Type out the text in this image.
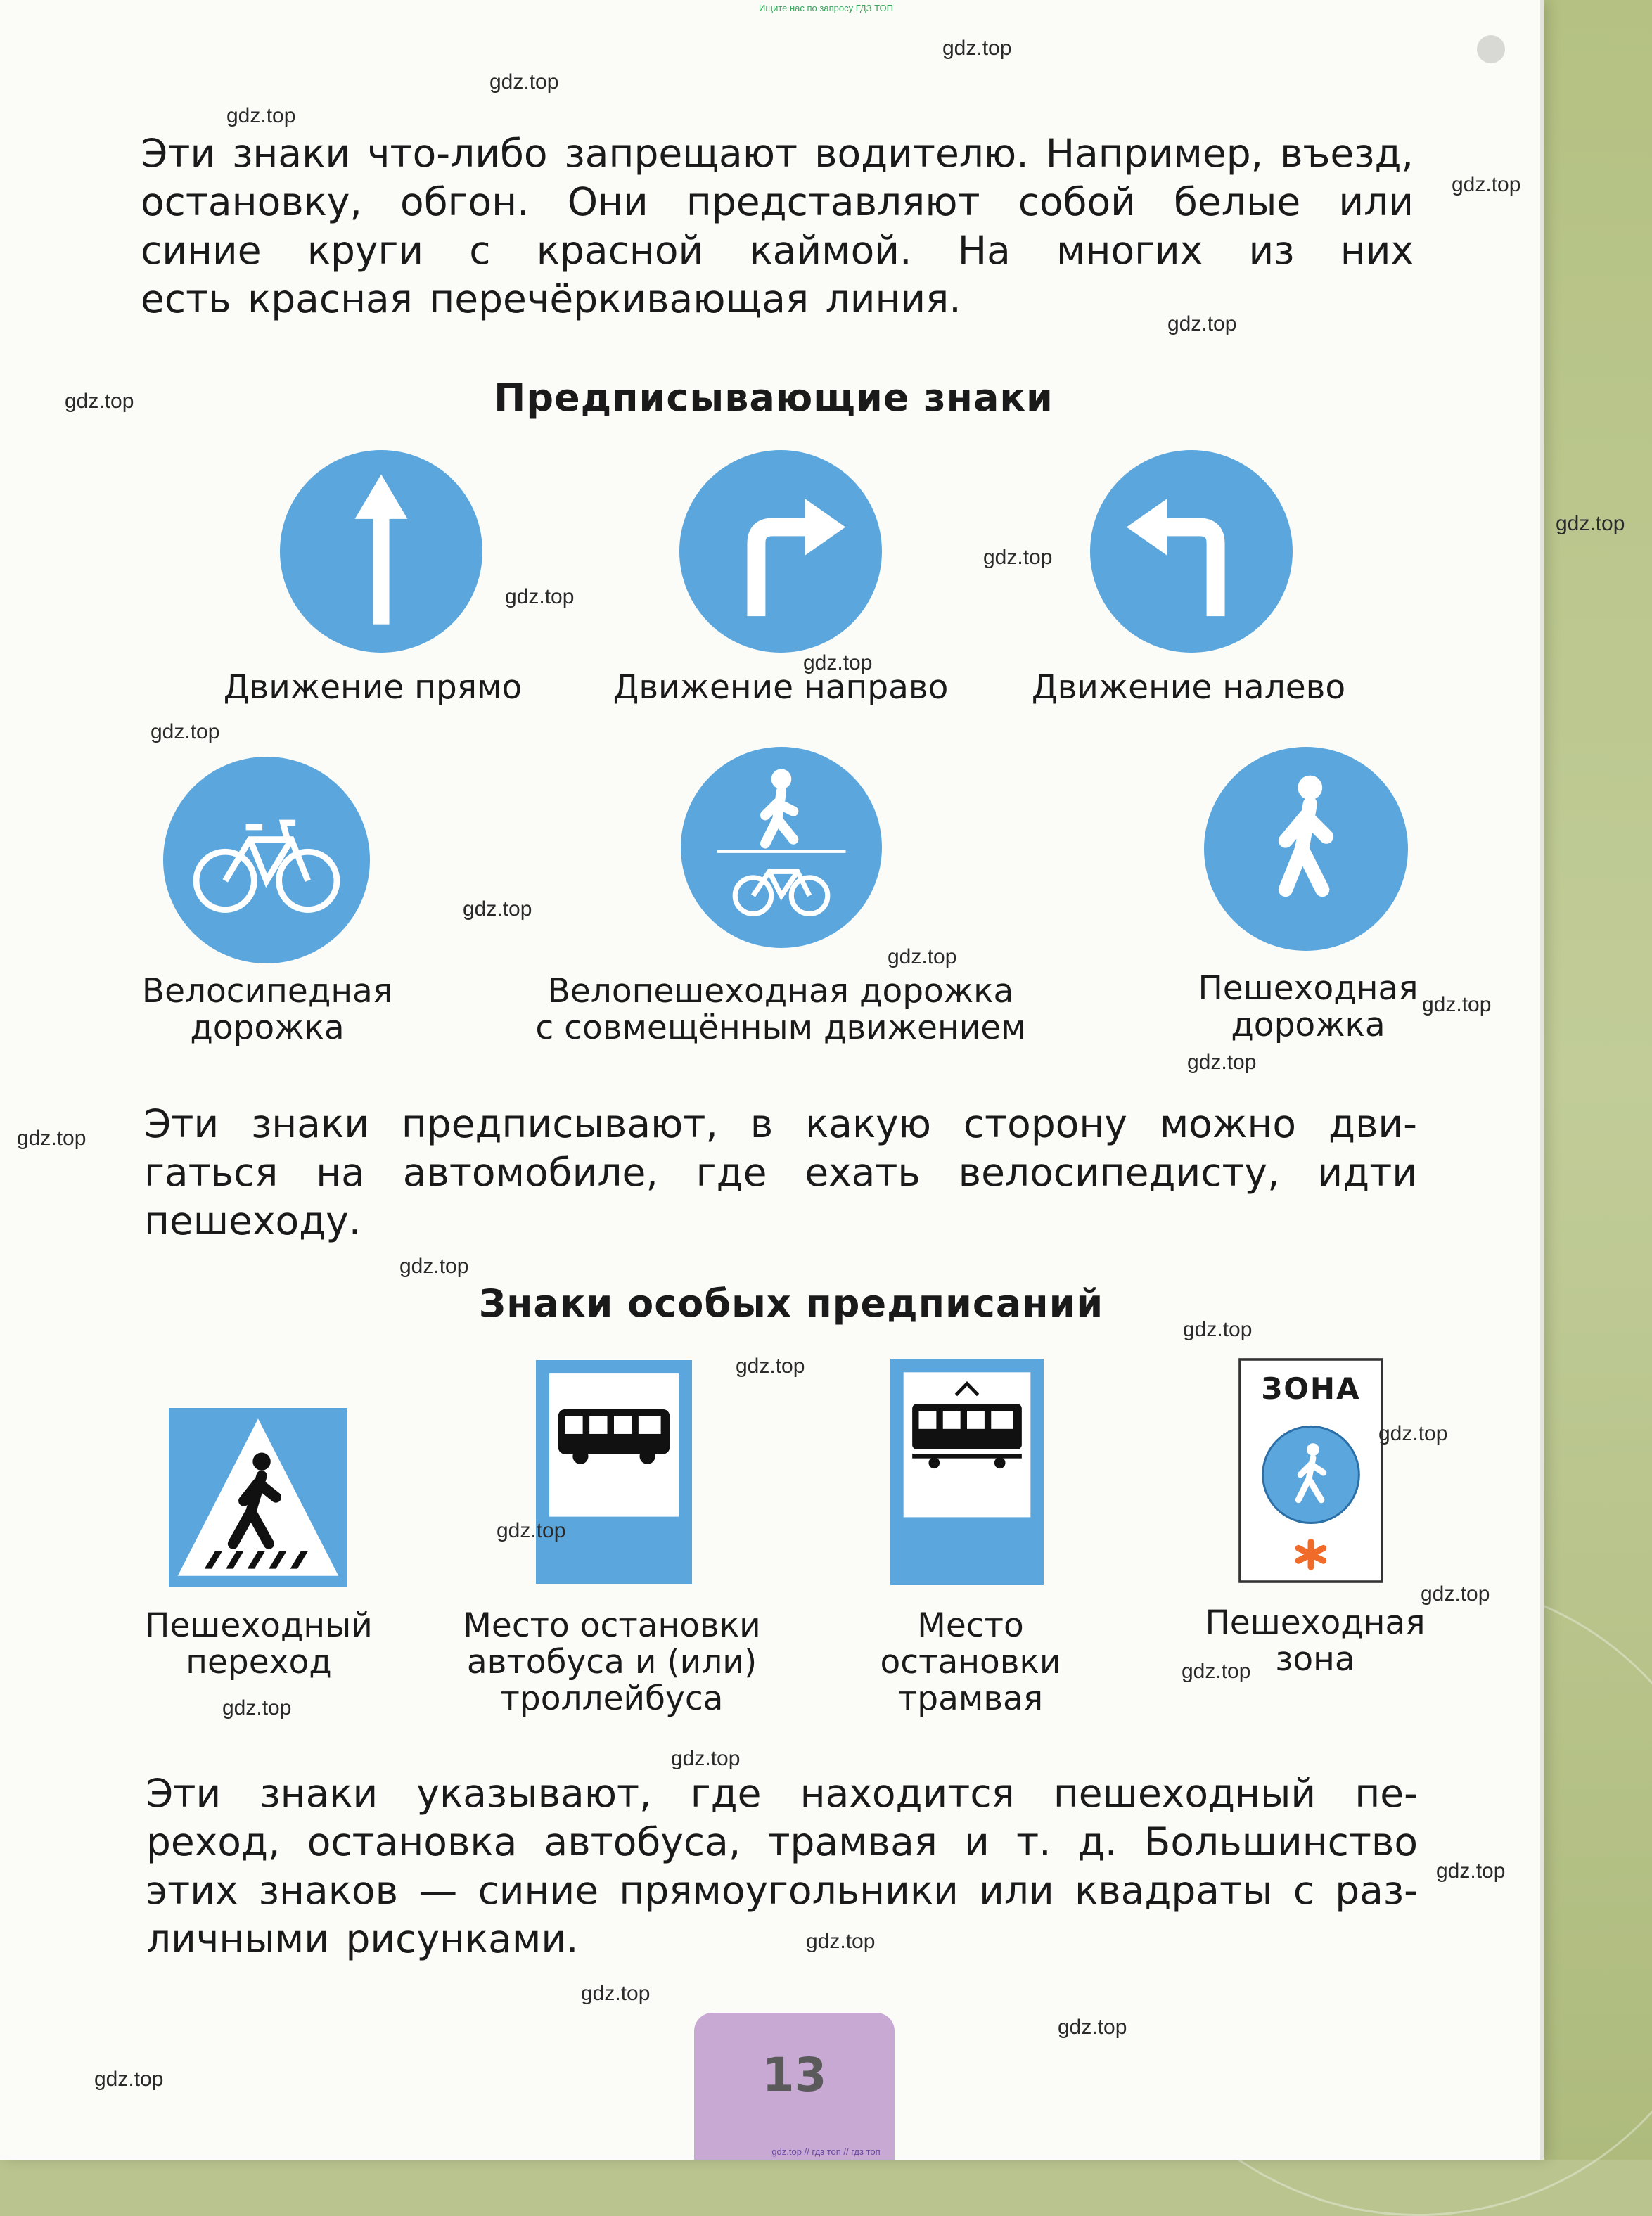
Эти знаки что-либо запрещают водителю. Например, въезд, остановку, обгон. Они представляют собой белые или синие круги с красной каймой. На многих из них
есть красная перечёркивающая линия.
Предписывающие знаки
Движение прямо	Движение направо	Движение налево
Велосипедная
дорожка
Велопешеходная дорожка
с совмещённым движением
Пешеходная
дорожка
Эти знаки предписывают, в какую сторону можно дви- гаться на автомобиле, где ехать велосипедисту, идти
пешеходу.
Знаки особых предписаний
ЗОНА
Пешеходный
переход
Место остановки
автобуса и (или)
троллейбуса
Место
остановки
трамвая
Пешеходная
зона
Эти знаки указывают, где находится пешеходный пе- реход, остановка автобуса, трамвая и т. д. Большинство этих знаков — синие прямоугольники или квадраты с раз-
личными рисунками.
13
gdz.top
gdz.top
gdz.top
gdz.top
gdz.top
gdz.top
gdz.top
gdz.top
gdz.top
gdz.top
gdz.top
gdz.top
gdz.top
gdz.top
gdz.top
gdz.top
gdz.top
gdz.top
gdz.top
gdz.top
gdz.top
gdz.top
gdz.top
gdz.top
gdz.top
gdz.top
gdz.top
gdz.top
gdz.top
gdz.top
Ищите нас по запросу ГДЗ ТОП
gdz.top // гдз топ // гдз топ
